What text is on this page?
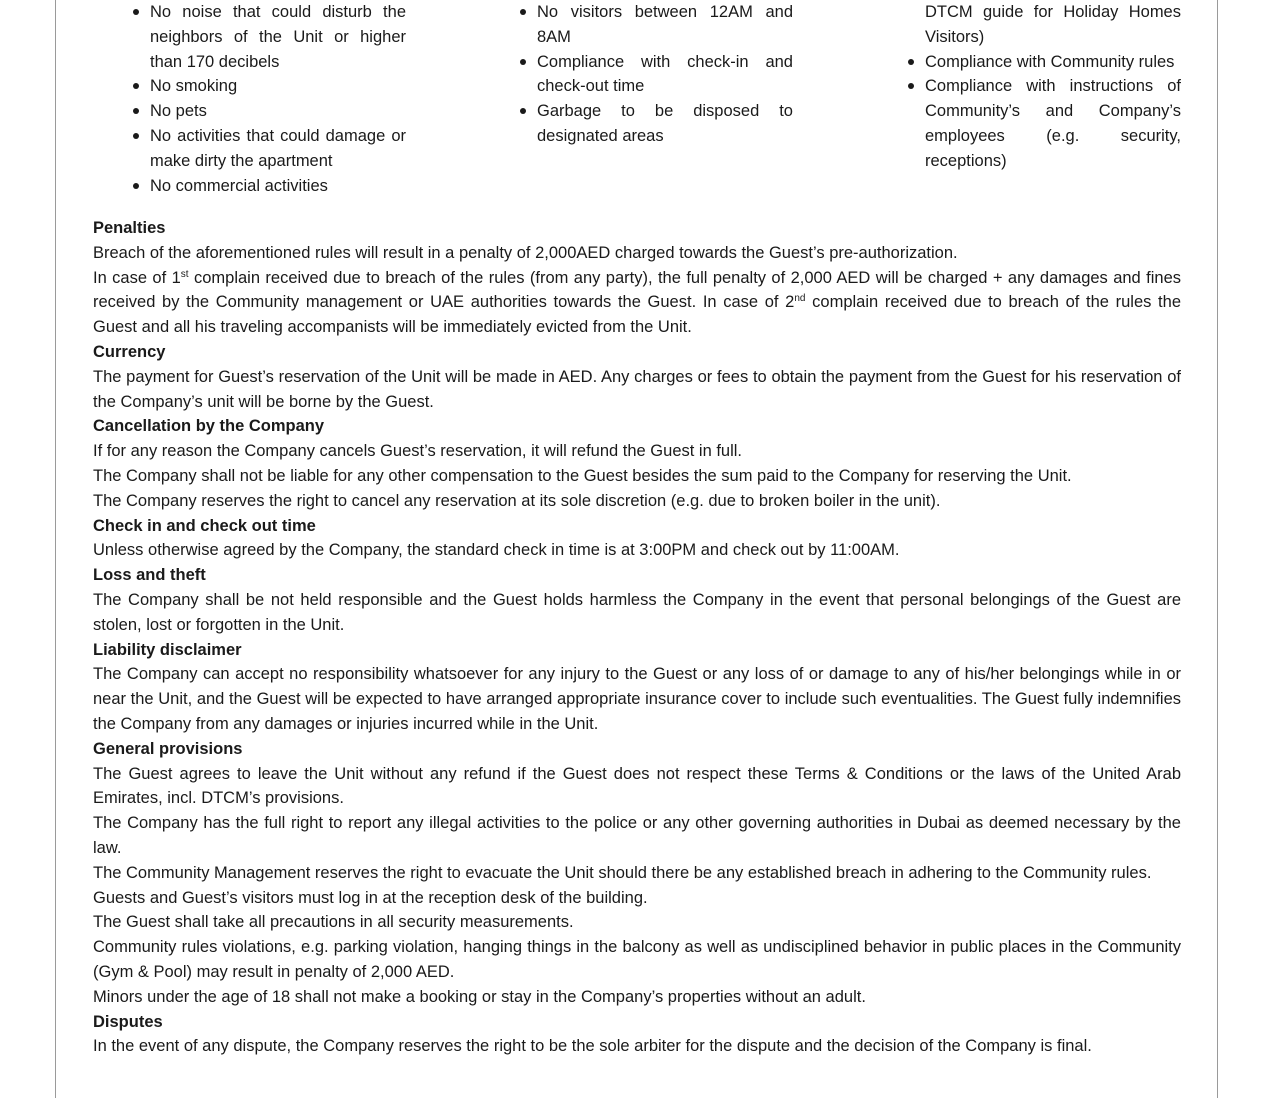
No noise that could disturb the neighbors of the Unit or higher than 170 decibels
No smoking
No pets
No activities that could damage or make dirty the apartment
No commercial activities
No visitors between 12AM and 8AM
Compliance with check-in and check-out time
Garbage to be disposed to designated areas
DTCM guide for Holiday Homes Visitors)
Compliance with Community rules
Compliance with instructions of Community’s and Company’s employees (e.g. security, receptions)
Penalties

Breach of the aforementioned rules will result in a penalty of 2,000AED charged towards the Guest’s pre-authorization.

In case of 1st complain received due to breach of the rules (from any party), the full penalty of 2,000 AED will be charged + any damages and fines received by the Community management or UAE authorities towards the Guest. In case of 2nd complain received due to breach of the rules the Guest and all his traveling accompanists will be immediately evicted from the Unit.

Currency

The payment for Guest’s reservation of the Unit will be made in AED. Any charges or fees to obtain the payment from the Guest for his reservation of the Company’s unit will be borne by the Guest.

Cancellation by the Company

If for any reason the Company cancels Guest’s reservation, it will refund the Guest in full.

The Company shall not be liable for any other compensation to the Guest besides the sum paid to the Company for reserving the Unit.

The Company reserves the right to cancel any reservation at its sole discretion (e.g. due to broken boiler in the unit).

Check in and check out time

Unless otherwise agreed by the Company, the standard check in time is at 3:00PM and check out by 11:00AM.

Loss and theft

The Company shall be not held responsible and the Guest holds harmless the Company in the event that personal belongings of the Guest are stolen, lost or forgotten in the Unit.

Liability disclaimer

The Company can accept no responsibility whatsoever for any injury to the Guest or any loss of or damage to any of his/her belongings while in or near the Unit, and the Guest will be expected to have arranged appropriate insurance cover to include such eventualities. The Guest fully indemnifies the Company from any damages or injuries incurred while in the Unit.

General provisions

The Guest agrees to leave the Unit without any refund if the Guest does not respect these Terms & Conditions or the laws of the United Arab Emirates, incl. DTCM’s provisions.

The Company has the full right to report any illegal activities to the police or any other governing authorities in Dubai as deemed necessary by the law.

The Community Management reserves the right to evacuate the Unit should there be any established breach in adhering to the Community rules.

Guests and Guest’s visitors must log in at the reception desk of the building.

The Guest shall take all precautions in all security measurements.

Community rules violations, e.g. parking violation, hanging things in the balcony as well as undisciplined behavior in public places in the Community (Gym & Pool) may result in penalty of 2,000 AED.

Minors under the age of 18 shall not make a booking or stay in the Company’s properties without an adult.

Disputes

In the event of any dispute, the Company reserves the right to be the sole arbiter for the dispute and the decision of the Company is final.
